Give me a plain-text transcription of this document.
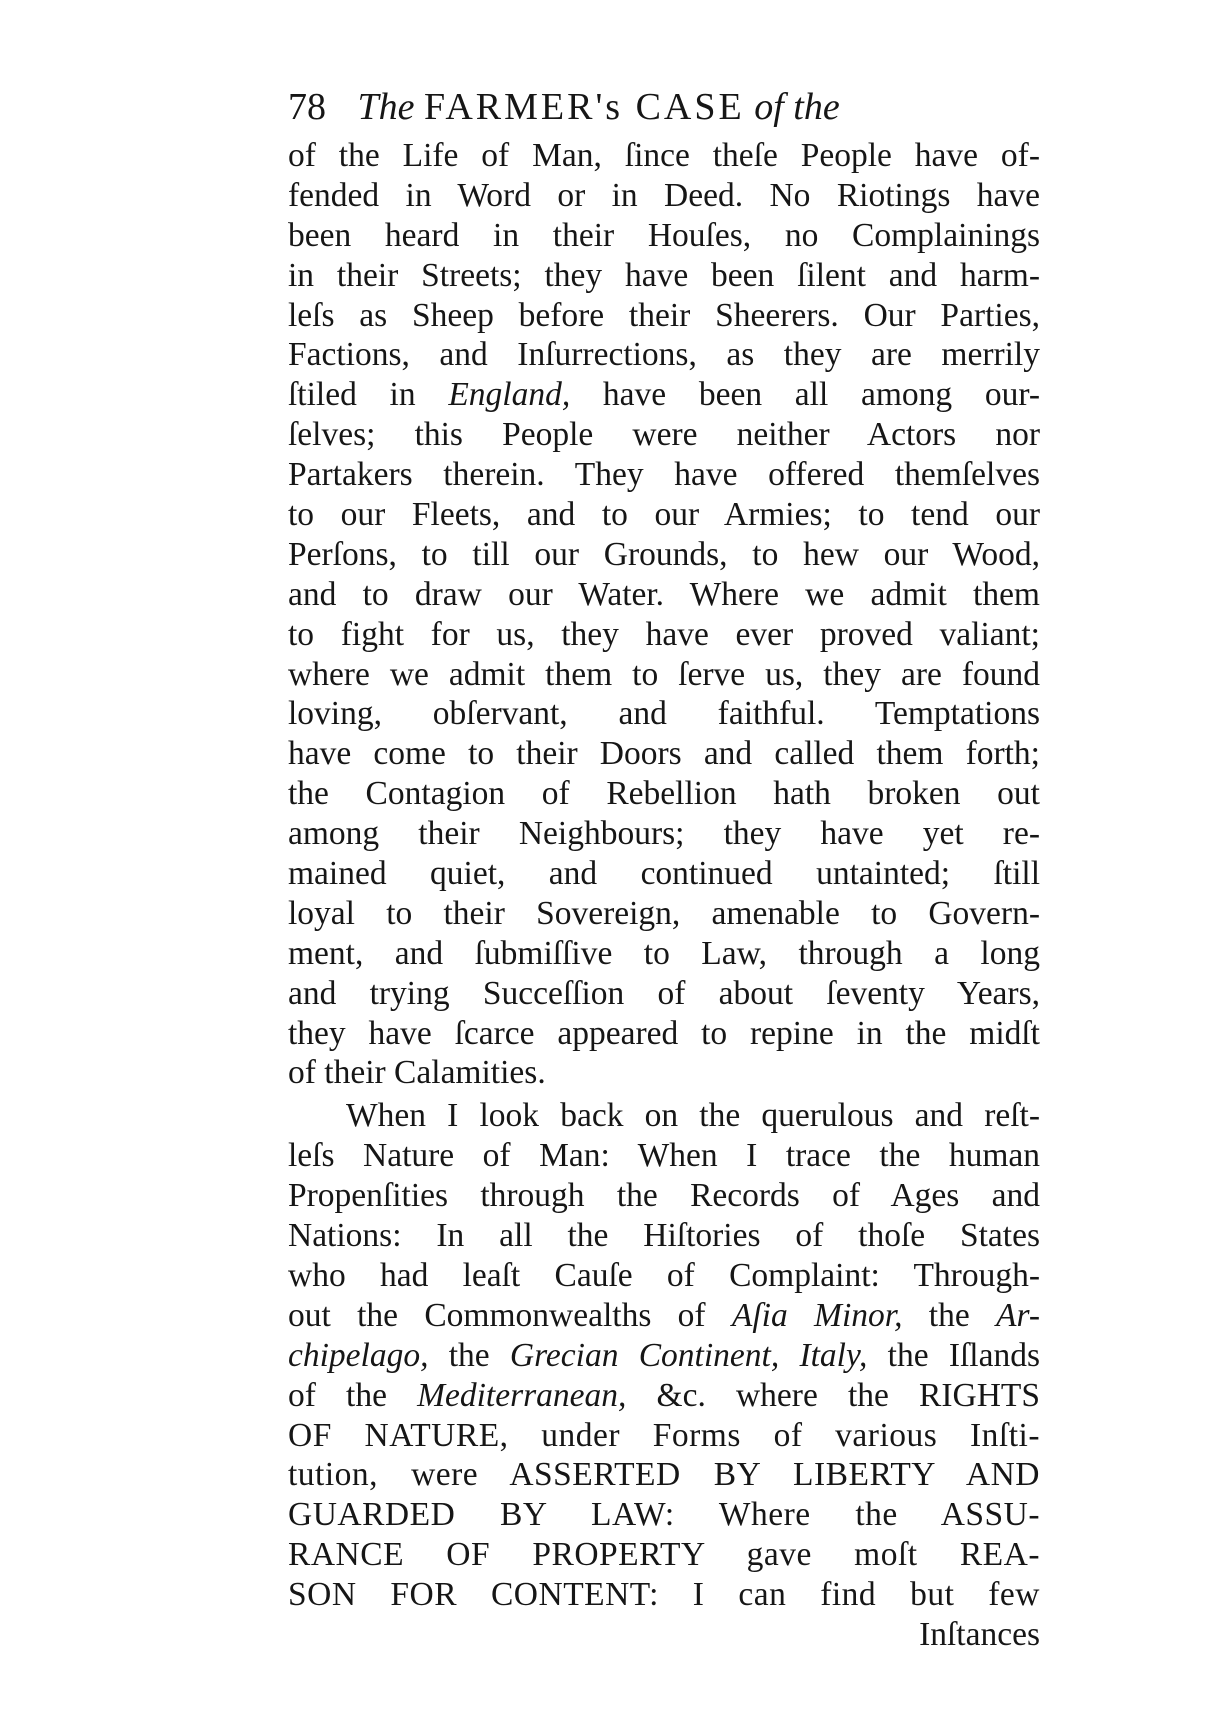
78 The FARMER's CASE of the
of the Life of Man, ſince theſe People have of-
fended in Word or in Deed. No Riotings have
been heard in their Houſes, no Complainings
in their Streets; they have been ſilent and harm-
leſs as Sheep before their Sheerers. Our Parties,
Factions, and Inſurrections, as they are merrily
ſtiled in England, have been all among our-
ſelves; this People were neither Actors nor
Partakers therein. They have offered themſelves
to our Fleets, and to our Armies; to tend our
Perſons, to till our Grounds, to hew our Wood,
and to draw our Water. Where we admit them
to fight for us, they have ever proved valiant;
where we admit them to ſerve us, they are found
loving, obſervant, and faithful. Temptations
have come to their Doors and called them forth;
the Contagion of Rebellion hath broken out
among their Neighbours; they have yet re-
mained quiet, and continued untainted; ſtill
loyal to their Sovereign, amenable to Govern-
ment, and ſubmiſſive to Law, through a long
and trying Succeſſion of about ſeventy Years,
they have ſcarce appeared to repine in the midſt
of their Calamities.
When I look back on the querulous and reſt-
leſs Nature of Man: When I trace the human
Propenſities through the Records of Ages and
Nations: In all the Hiſtories of thoſe States
who had leaſt Cauſe of Complaint: Through-
out the Commonwealths of Aſia Minor, the Ar-
chipelago, the Grecian Continent, Italy, the Iſlands
of the Mediterranean, &c. where the RIGHTS
OF NATURE, under Forms of various Inſti-
tution, were ASSERTED BY LIBERTY AND
GUARDED BY LAW: Where the ASSU-
RANCE OF PROPERTY gave moſt REA-
SON FOR CONTENT: I can find but few
Inſtances
